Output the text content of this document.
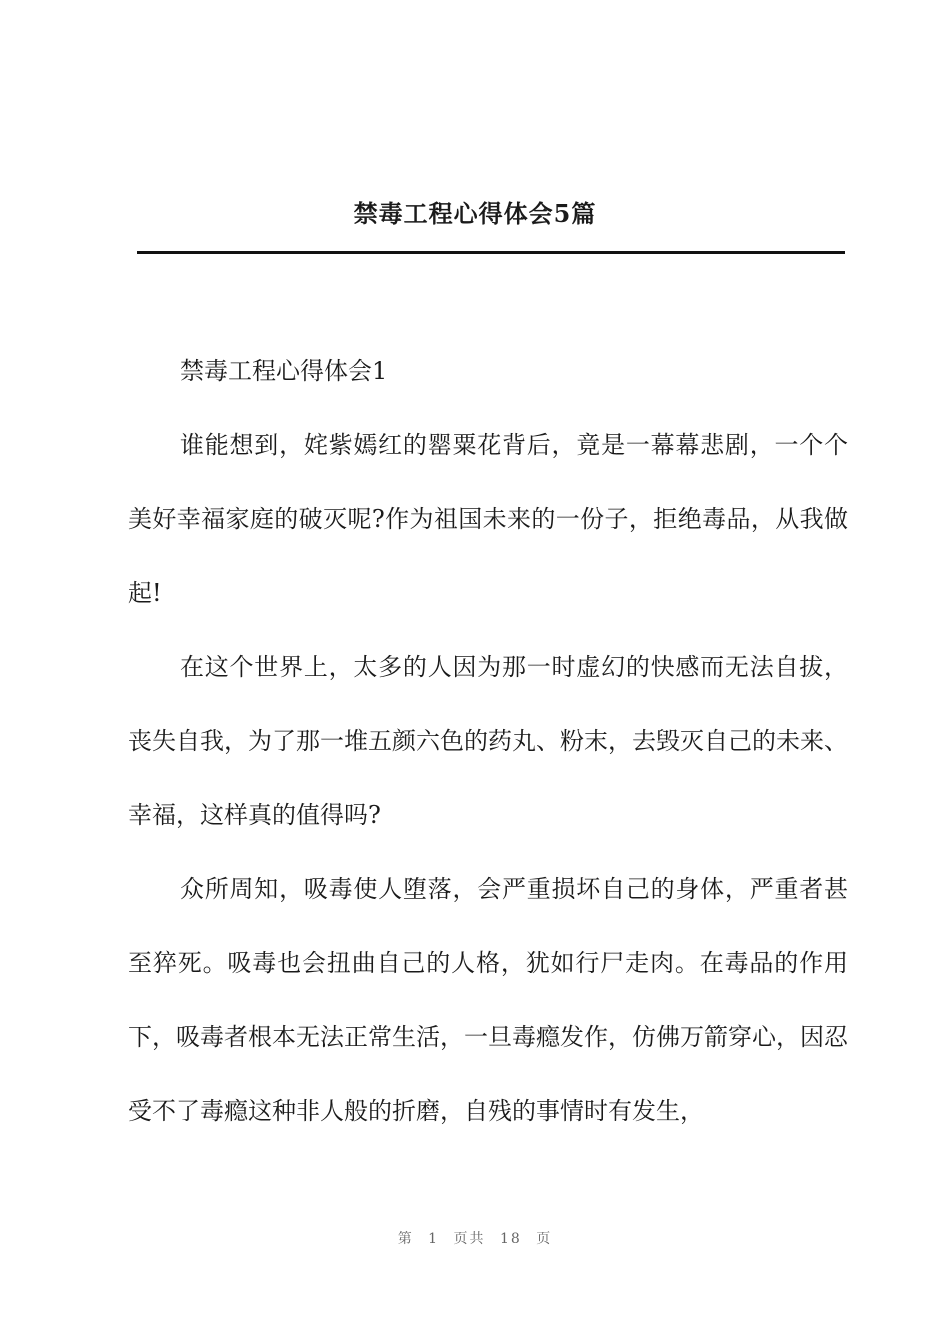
禁毒工程心得体会5篇

禁毒工程心得体会1

谁能想到，姹紫嫣红的罂粟花背后，竟是一幕幕悲剧，一个个美好幸福家庭的破灭呢?作为祖国未来的一份子，拒绝毒品，从我做起!

在这个世界上，太多的人因为那一时虚幻的快感而无法自拔，丧失自我，为了那一堆五颜六色的药丸、粉末，去毁灭自己的未来、幸福，这样真的值得吗?

众所周知，吸毒使人堕落，会严重损坏自己的身体，严重者甚至猝死。吸毒也会扭曲自己的人格，犹如行尸走肉。在毒品的作用下，吸毒者根本无法正常生活，一旦毒瘾发作，仿佛万箭穿心，因忍受不了毒瘾这种非人般的折磨，自残的事情时有发生，

第 1 页共 18 页
